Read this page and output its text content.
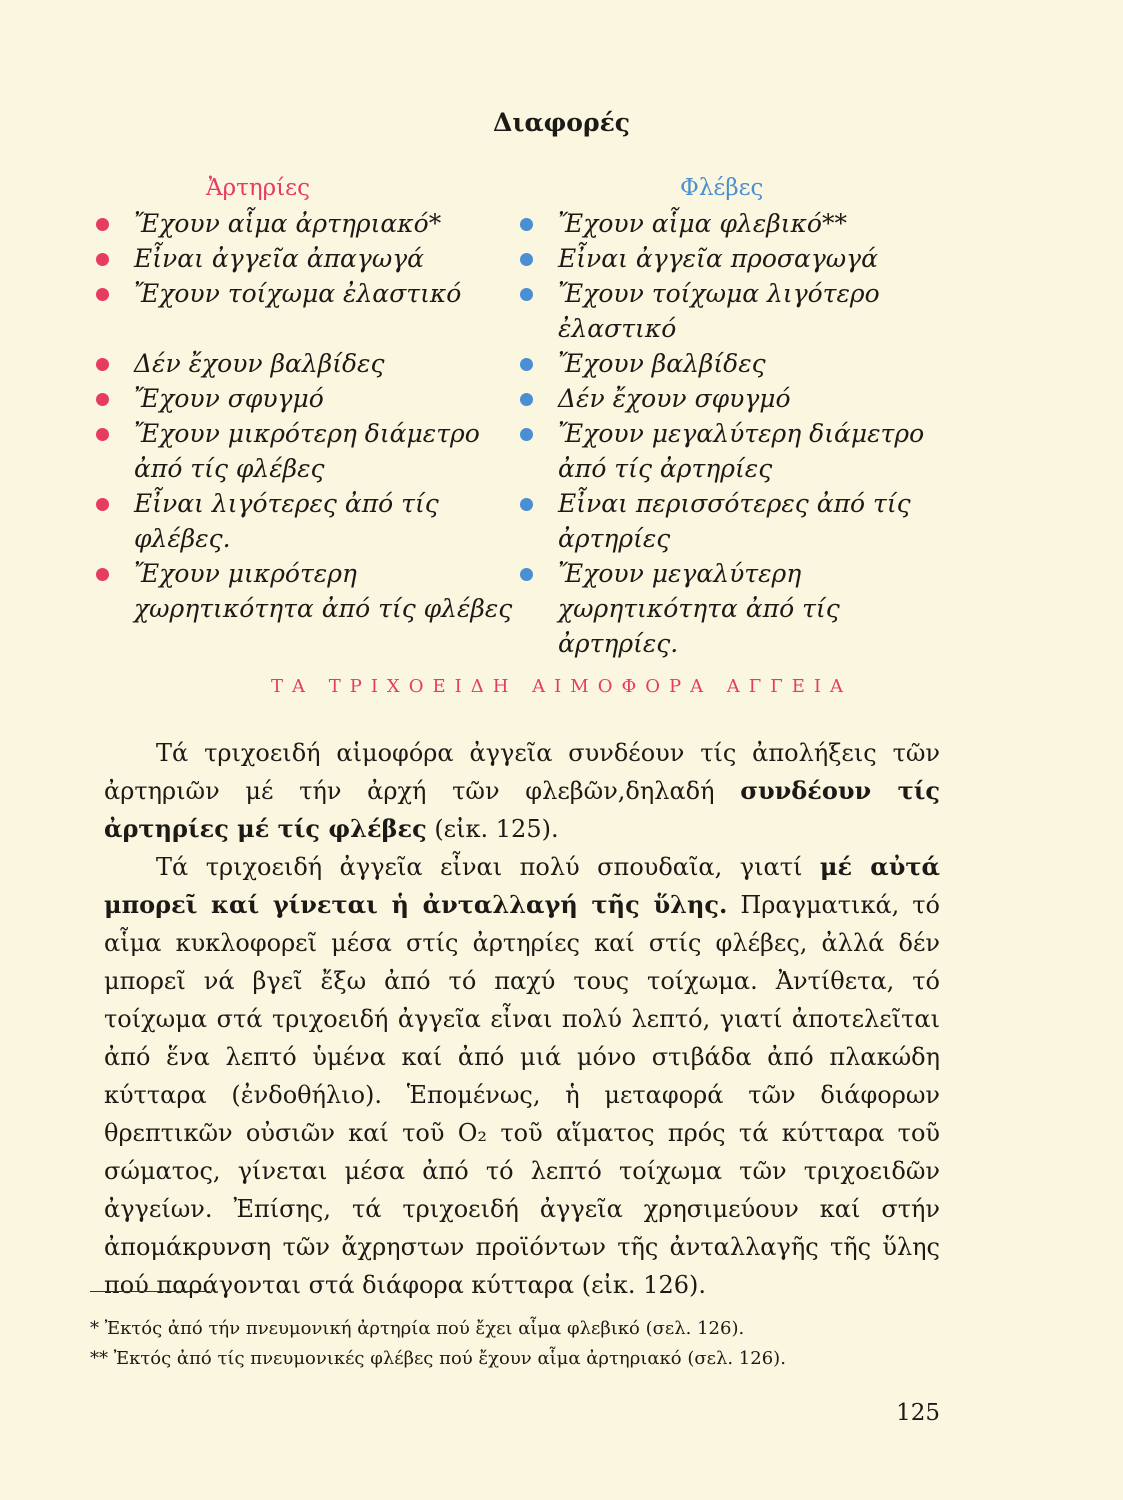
Διαφορές
Ἀρτηρίες
Ἔχουν αἷμα ἀρτηριακό*
Εἶναι ἀγγεῖα ἀπαγωγά
Ἔχουν τοίχωμα ἐλαστικό
Δέν ἔχουν βαλβίδες
Ἔχουν σφυγμό
Ἔχουν μικρότερη διάμετρο ἀπό τίς φλέβες
Εἶναι λιγότερες ἀπό τίς φλέβες.
Ἔχουν μικρότερη χωρητικότητα ἀπό τίς φλέβες
Φλέβες
Ἔχουν αἷμα φλεβικό**
Εἶναι ἀγγεῖα προσαγωγά
Ἔχουν τοίχωμα λιγότερο ἐλαστικό
Ἔχουν βαλβίδες
Δέν ἔχουν σφυγμό
Ἔχουν μεγαλύτερη διάμετρο ἀπό τίς ἀρτηρίες
Εἶναι περισσότερες ἀπό τίς ἀρτηρίες
Ἔχουν μεγαλύτερη χωρητικότητα ἀπό τίς ἀρτηρίες.
ΤΑ ΤΡΙΧΟΕΙΔΗ ΑΙΜΟΦΟΡΑ ΑΓΓΕΙΑ

Τά τριχοειδή αἱμοφόρα ἀγγεῖα συνδέουν τίς ἀπολήξεις τῶν ἀρτηριῶν μέ τήν ἀρχή τῶν φλεβῶν,δηλαδή συνδέουν τίς ἀρτηρίες μέ τίς φλέβες (εἰκ. 125).

Τά τριχοειδή ἀγγεῖα εἶναι πολύ σπουδαῖα, γιατί μέ αὐτά μπορεῖ καί γίνεται ἡ ἀνταλλαγή τῆς ὕλης. Πραγματικά, τό αἷμα κυκλοφορεῖ μέσα στίς ἀρτηρίες καί στίς φλέβες, ἀλλά δέν μπορεῖ νά βγεῖ ἔξω ἀπό τό παχύ τους τοίχωμα. Ἀντίθετα, τό τοίχωμα στά τριχοειδή ἀγγεῖα εἶναι πολύ λεπτό, γιατί ἀποτελεῖται ἀπό ἕνα λεπτό ὑμένα καί ἀπό μιά μόνο στιβάδα ἀπό πλακώδη κύτταρα (ἐνδοθήλιο). Ἑπομένως, ἡ μεταφορά τῶν διάφορων θρεπτικῶν οὐσιῶν καί τοῦ O₂ τοῦ αἵματος πρός τά κύτταρα τοῦ σώματος, γίνεται μέσα ἀπό τό λεπτό τοίχωμα τῶν τριχοειδῶν ἀγγείων. Ἐπίσης, τά τριχοειδή ἀγγεῖα χρησιμεύουν καί στήν ἀπομάκρυνση τῶν ἄχρηστων προϊόντων τῆς ἀνταλλαγῆς τῆς ὕλης πού παράγονται στά διάφορα κύτταρα (εἰκ. 126).

* Ἐκτός ἀπό τήν πνευμονική ἀρτηρία πού ἔχει αἷμα φλεβικό (σελ. 126).
** Ἐκτός ἀπό τίς πνευμονικές φλέβες πού ἔχουν αἷμα ἀρτηριακό (σελ. 126).
125
